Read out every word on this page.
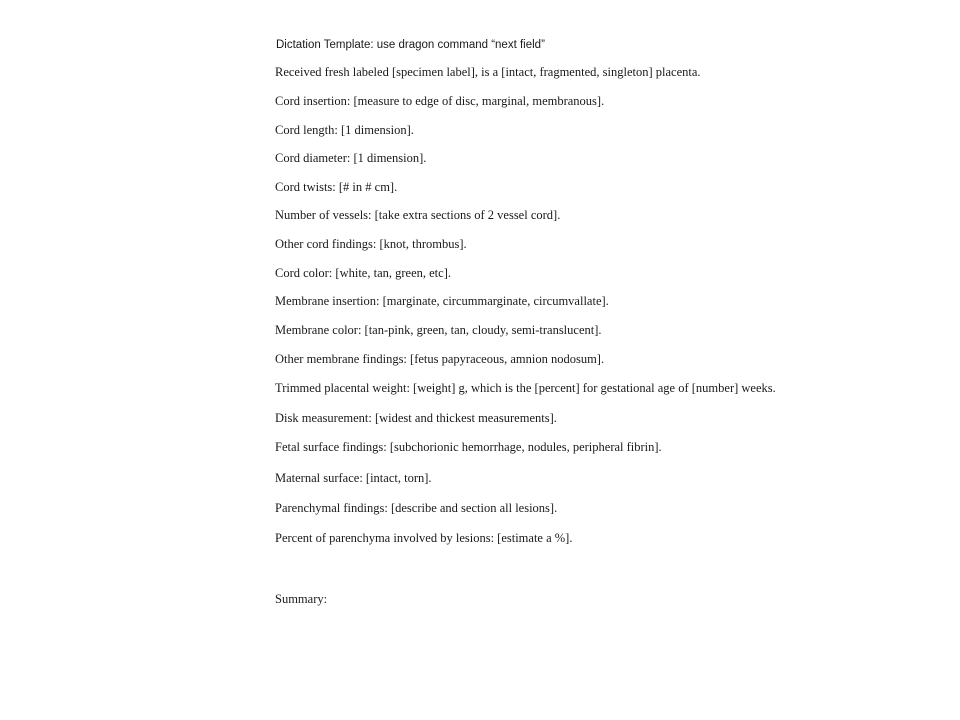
Dictation Template: use dragon command “next field”
Received fresh labeled [specimen label], is a [intact, fragmented, singleton] placenta.
Cord insertion: [measure to edge of disc, marginal, membranous].
Cord length: [1 dimension].
Cord diameter: [1 dimension].
Cord twists: [# in # cm].
Number of vessels: [take extra sections of 2 vessel cord].
Other cord findings: [knot, thrombus].
Cord color: [white, tan, green, etc].
Membrane insertion: [marginate, circummarginate, circumvallate].
Membrane color: [tan-pink, green, tan, cloudy, semi-translucent].
Other membrane findings: [fetus papyraceous, amnion nodosum].
Trimmed placental weight: [weight] g, which is the [percent] for gestational age of [number] weeks.
Disk measurement: [widest and thickest measurements].
Fetal surface findings: [subchorionic hemorrhage, nodules, peripheral fibrin].
Maternal surface: [intact, torn].
Parenchymal findings: [describe and section all lesions].
Percent of parenchyma involved by lesions: [estimate a %].
Summary:
